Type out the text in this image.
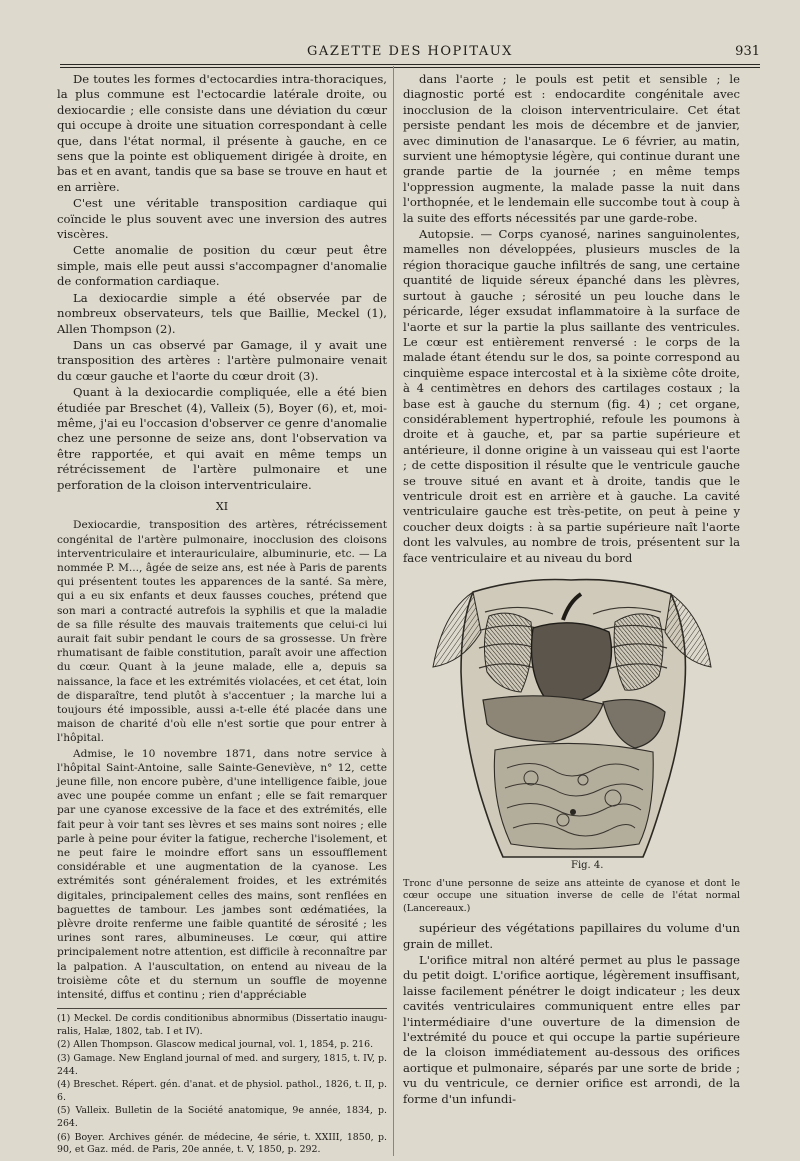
GAZETTE DES HOPITAUX	931

De toutes les formes d'ectocardies intra-thoraciques, la plus commune est l'ectocardie latérale droite, ou dexiocardie ; elle consiste dans une déviation du cœur qui occupe à droite une situation correspondant à celle que, dans l'état normal, il présente à gauche, en ce sens que la pointe est obliquement dirigée à droite, en bas et en avant, tandis que sa base se trouve en haut et en arrière.

C'est une véritable transposition cardiaque qui coïncide le plus souvent avec une inversion des autres viscères.

Cette anomalie de position du cœur peut être simple, mais elle peut aussi s'accompagner d'anomalie de conformation cardiaque.

La dexiocardie simple a été observée par de nombreux observateurs, tels que Baillie, Meckel (1), Allen Thompson (2).

Dans un cas observé par Gamage, il y avait une transposition des artères : l'artère pulmonaire venait du cœur gauche et l'aorte du cœur droit (3).

Quant à la dexiocardie compliquée, elle a été bien étudiée par Breschet (4), Valleix (5), Boyer (6), et, moi-même, j'ai eu l'occasion d'observer ce genre d'anomalie chez une personne de seize ans, dont l'observation va être rapportée, et qui avait en même temps un rétrécissement de l'artère pulmonaire et une perforation de la cloison interventriculaire.

XI

Dexiocardie, transposition des artères, rétrécissement congénital de l'artère pulmonaire, inocclusion des cloisons interventriculaire et interauriculaire, albuminurie, etc. — La nommée P. M..., âgée de seize ans, est née à Paris de parents qui présentent toutes les apparences de la santé. Sa mère, qui a eu six enfants et deux fausses couches, prétend que son mari a contracté autrefois la syphilis et que la maladie de sa fille résulte des mauvais traitements que celui-ci lui aurait fait subir pendant le cours de sa grossesse. Un frère rhumatisant de faible constitution, paraît avoir une affection du cœur. Quant à la jeune malade, elle a, depuis sa naissance, la face et les extrémités violacées, et cet état, loin de disparaître, tend plutôt à s'accentuer ; la marche lui a toujours été impossible, aussi a-t-elle été placée dans une maison de charité d'où elle n'est sortie que pour entrer à l'hôpital.

Admise, le 10 novembre 1871, dans notre service à l'hôpital Saint-Antoine, salle Sainte-Geneviève, n° 12, cette jeune fille, non encore pubère, d'une intelligence faible, joue avec une poupée comme un enfant ; elle se fait remarquer par une cyanose excessive de la face et des extrémités, elle fait peur à voir tant ses lèvres et ses mains sont noires ; elle parle à peine pour éviter la fatigue, recherche l'isolement, et ne peut faire le moindre effort sans un essoufflement considérable et une augmentation de la cyanose. Les extrémités sont généralement froides, et les extrémités digitales, principalement celles des mains, sont renflées en baguettes de tambour. Les jambes sont œdématiées, la plèvre droite renferme une faible quantité de sérosité ; les urines sont rares, albumineuses. Le cœur, qui attire principalement notre attention, est difficile à reconnaître par la palpation. A l'auscultation, on entend au niveau de la troisième côte et du sternum un souffle de moyenne intensité, diffus et continu ; rien d'appréciable

(1) Meckel. De cordis conditionibus abnormibus (Dissertatio inauguralis, Halæ, 1802, tab. I et IV).

(2) Allen Thompson. Glascow medical journal, vol. 1, 1854, p. 216.

(3) Gamage. New England journal of med. and surgery, 1815, t. IV, p. 244.

(4) Breschet. Répert. gén. d'anat. et de physiol. pathol., 1826, t. II, p. 6.

(5) Valleix. Bulletin de la Société anatomique, 9e année, 1834, p. 264.

(6) Boyer. Archives génér. de médecine, 4e série, t. XXIII, 1850, p. 90, et Gaz. méd. de Paris, 20e année, t. V, 1850, p. 292.

dans l'aorte ; le pouls est petit et sensible ; le diagnostic porté est : endocardite congénitale avec inocclusion de la cloison interventriculaire. Cet état persiste pendant les mois de décembre et de janvier, avec diminution de l'anasarque. Le 6 février, au matin, survient une hémoptysie légère, qui continue durant une grande partie de la journée ; en même temps l'oppression augmente, la malade passe la nuit dans l'orthopnée, et le lendemain elle succombe tout à coup à la suite des efforts nécessités par une garde-robe.

Autopsie. — Corps cyanosé, narines sanguinolentes, mamelles non développées, plusieurs muscles de la région thoracique gauche infiltrés de sang, une certaine quantité de liquide séreux épanché dans les plèvres, surtout à gauche ; sérosité un peu louche dans le péricarde, léger exsudat inflammatoire à la surface de l'aorte et sur la partie la plus saillante des ventricules. Le cœur est entièrement renversé : le corps de la malade étant étendu sur le dos, sa pointe correspond au cinquième espace intercostal et à la sixième côte droite, à 4 centimètres en dehors des cartilages costaux ; la base est à gauche du sternum (fig. 4) ; cet organe, considérablement hypertrophié, refoule les poumons à droite et à gauche, et, par sa partie supérieure et antérieure, il donne origine à un vaisseau qui est l'aorte ; de cette disposition il résulte que le ventricule gauche se trouve situé en avant et à droite, tandis que le ventricule droit est en arrière et à gauche. La cavité ventriculaire gauche est très-petite, on peut à peine y coucher deux doigts : à sa partie supérieure naît l'aorte dont les valvules, au nombre de trois, présentent sur la face ventriculaire et au niveau du bord

Fig. 4.

Tronc d'une personne de seize ans atteinte de cyanose et dont le cœur occupe une situation inverse de celle de l'état normal (Lancereaux.)

supérieur des végétations papillaires du volume d'un grain de millet.

L'orifice mitral non altéré permet au plus le passage du petit doigt. L'orifice aortique, légèrement insuffisant, laisse facilement pénétrer le doigt indicateur ; les deux cavités ventriculaires communiquent entre elles par l'intermédiaire d'une ouverture de la dimension de l'extrémité du pouce et qui occupe la partie supérieure de la cloison immédiatement au-dessous des orifices aortique et pulmonaire, séparés par une sorte de bride ; vu du ventricule, ce dernier orifice est arrondi, de la forme d'un infundi-
